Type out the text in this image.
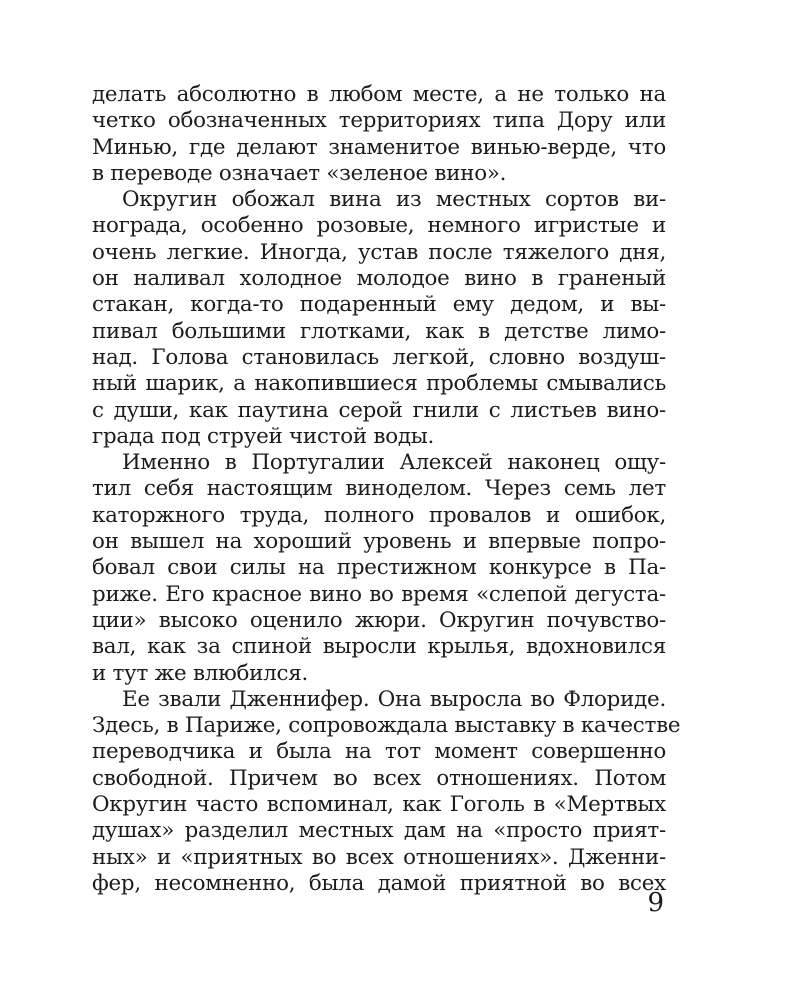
делать абсолютно в любом месте, а не только на
четко обозначенных территориях типа Дору или
Минью, где делают знаменитое винью-верде, что
в переводе означает «зеленое вино».
Округин обожал вина из местных сортов ви-
нограда, особенно розовые, немного игристые и
очень легкие. Иногда, устав после тяжелого дня,
он наливал холодное молодое вино в граненый
стакан, когда-то подаренный ему дедом, и вы-
пивал большими глотками, как в детстве лимо-
над. Голова становилась легкой, словно воздуш-
ный шарик, а накопившиеся проблемы смывались
с души, как паутина серой гнили с листьев вино-
града под струей чистой воды.
Именно в Португалии Алексей наконец ощу-
тил себя настоящим виноделом. Через семь лет
каторжного труда, полного провалов и ошибок,
он вышел на хороший уровень и впервые попро-
бовал свои силы на престижном конкурсе в Па-
риже. Его красное вино во время «слепой дегуста-
ции» высоко оценило жюри. Округин почувство-
вал, как за спиной выросли крылья, вдохновился
и тут же влюбился.
Ее звали Дженнифер. Она выросла во Флориде.
Здесь, в Париже, сопровождала выставку в качестве
переводчика и была на тот момент совершенно
свободной. Причем во всех отношениях. Потом
Округин часто вспоминал, как Гоголь в «Мертвых
душах» разделил местных дам на «просто прият-
ных» и «приятных во всех отношениях». Дженни-
фер, несомненно, была дамой приятной во всех
9
